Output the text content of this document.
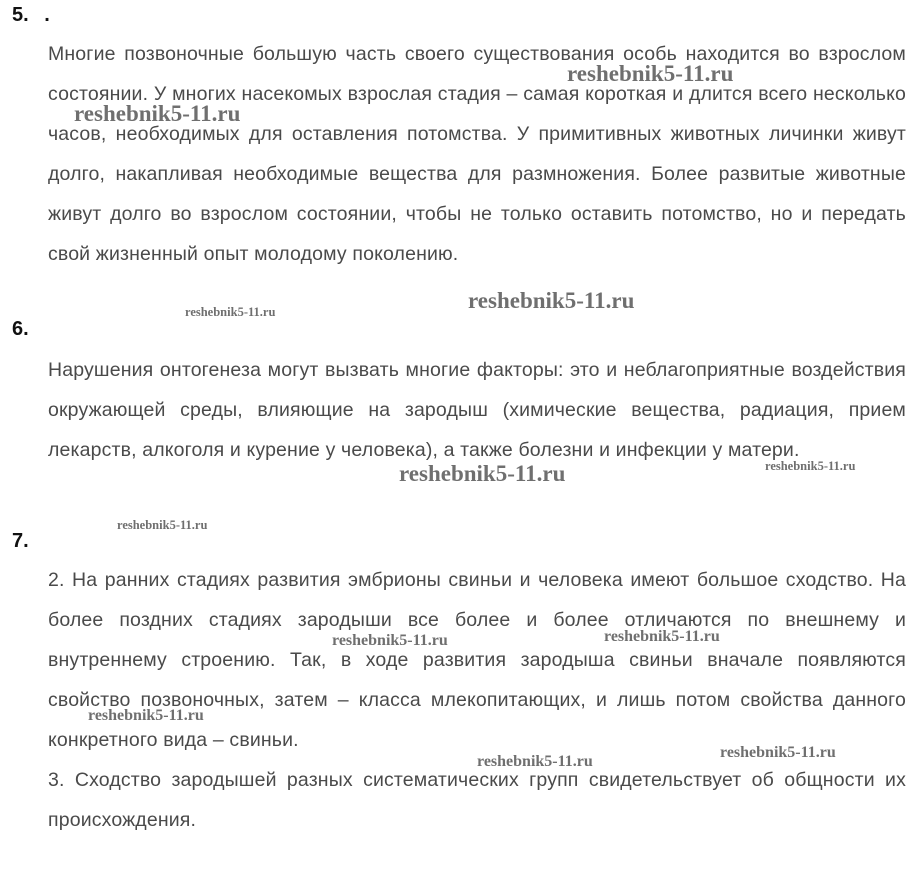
5. .

Многие позвоночные большую часть своего существования особь находится во взрослом состоянии. У многих насекомых взрослая стадия – самая короткая и длится всего несколько часов, необходимых для оставления потомства. У примитивных животных личинки живут долго, накапливая необходимые вещества для размножения. Более развитые животные живут долго во взрослом состоянии, чтобы не только оставить потомство, но и передать свой жизненный опыт молодому поколению.

6.

Нарушения онтогенеза могут вызвать многие факторы: это и неблагоприятные воздействия окружающей среды, влияющие на зародыш (химические вещества, радиация, прием лекарств, алкоголя и курение у человека), а также болезни и инфекции у матери.

7.

2. На ранних стадиях развития эмбрионы свиньи и человека имеют большое сходство. На более поздних стадиях зародыши все более и более отличаются по внешнему и внутреннему строению. Так, в ходе развития зародыша свиньи вначале появляются свойство позвоночных, затем – класса млекопитающих, и лишь потом свойства данного конкретного вида – свиньи.

3. Сходство зародышей разных систематических групп свидетельствует об общности их происхождения.

reshebnik5-11.ru
reshebnik5-11.ru
reshebnik5-11.ru
reshebnik5-11.ru
reshebnik5-11.ru	reshebnik5-11.ru
reshebnik5-11.ru
reshebnik5-11.ru	reshebnik5-11.ru
reshebnik5-11.ru
reshebnik5-11.ru
reshebnik5-11.ru
